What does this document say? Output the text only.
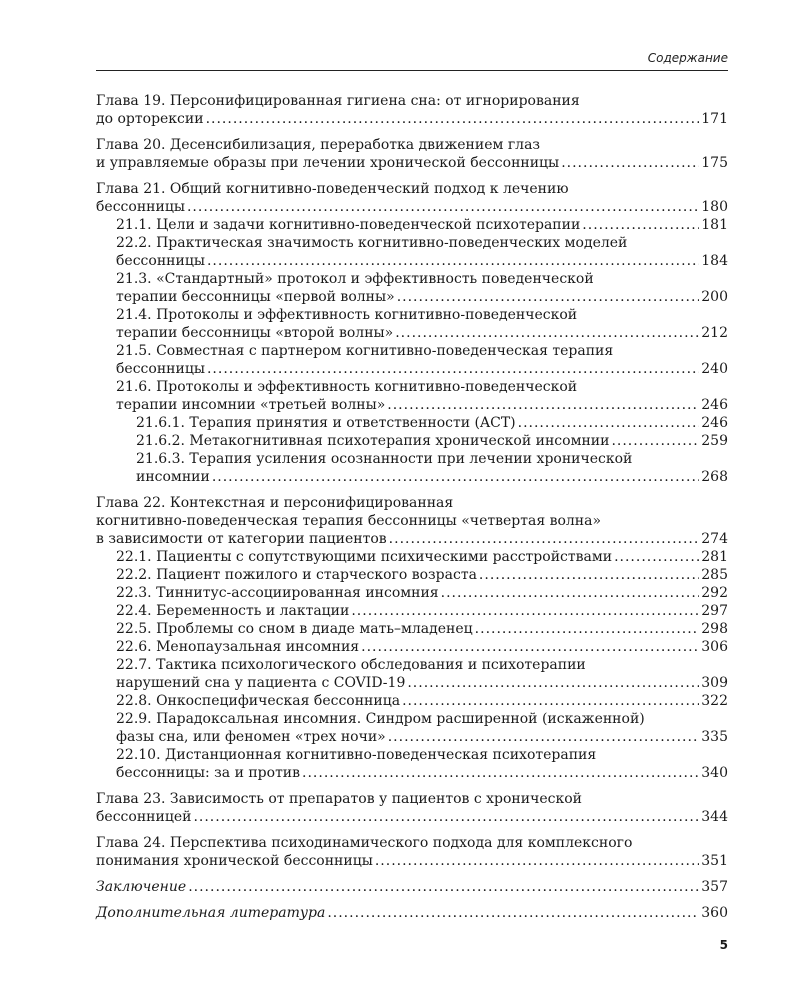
Содержание
Глава 19. Персонифицированная гигиена сна: от игнорирования
до орторексии .....	171
Глава 20. Десенсибилизация, переработка движением глаз
и управляемые образы при лечении хронической бессонницы .....	175
Глава 21. Общий когнитивно-поведенческий подход к лечению
бессонницы .....	180
21.1. Цели и задачи когнитивно-поведенческой психотерапии .....	181
22.2. Практическая значимость когнитивно-поведенческих моделей
бессонницы .....	184
21.3. «Стандартный» протокол и эффективность поведенческой
терапии бессонницы «первой волны» .....	200
21.4. Протоколы и эффективность когнитивно-поведенческой
терапии бессонницы «второй волны» .....	212
21.5. Совместная с партнером когнитивно-поведенческая терапия
бессонницы .....	240
21.6. Протоколы и эффективность когнитивно-поведенческой
терапии инсомнии «третьей волны» .....	246
21.6.1. Терапия принятия и ответственности (ACT) .....	246
21.6.2. Метакогнитивная психотерапия хронической инсомнии .....	259
21.6.3. Терапия усиления осознанности при лечении хронической
инсомнии .....	268
Глава 22. Контекстная и персонифицированная
когнитивно-поведенческая терапия бессонницы «четвертая волна»
в зависимости от категории пациентов .....	274
22.1. Пациенты с сопутствующими психическими расстройствами .....	281
22.2. Пациент пожилого и старческого возраста .....	285
22.3. Тиннитус-ассоциированная инсомния .....	292
22.4. Беременность и лактации .....	297
22.5. Проблемы со сном в диаде мать–младенец .....	298
22.6. Менопаузальная инсомния .....	306
22.7. Тактика психологического обследования и психотерапии
нарушений сна у пациента с COVID-19 .....	309
22.8. Онкоспецифическая бессонница .....	322
22.9. Парадоксальная инсомния. Синдром расширенной (искаженной)
фазы сна, или феномен «трех ночи» .....	335
22.10. Дистанционная когнитивно-поведенческая психотерапия
бессонницы: за и против .....	340
Глава 23. Зависимость от препаратов у пациентов с хронической
бессонницей .....	344
Глава 24. Перспектива психодинамического подхода для комплексного
понимания хронической бессонницы .....	351
Заключение .....	357
Дополнительная литература .....	360
5
